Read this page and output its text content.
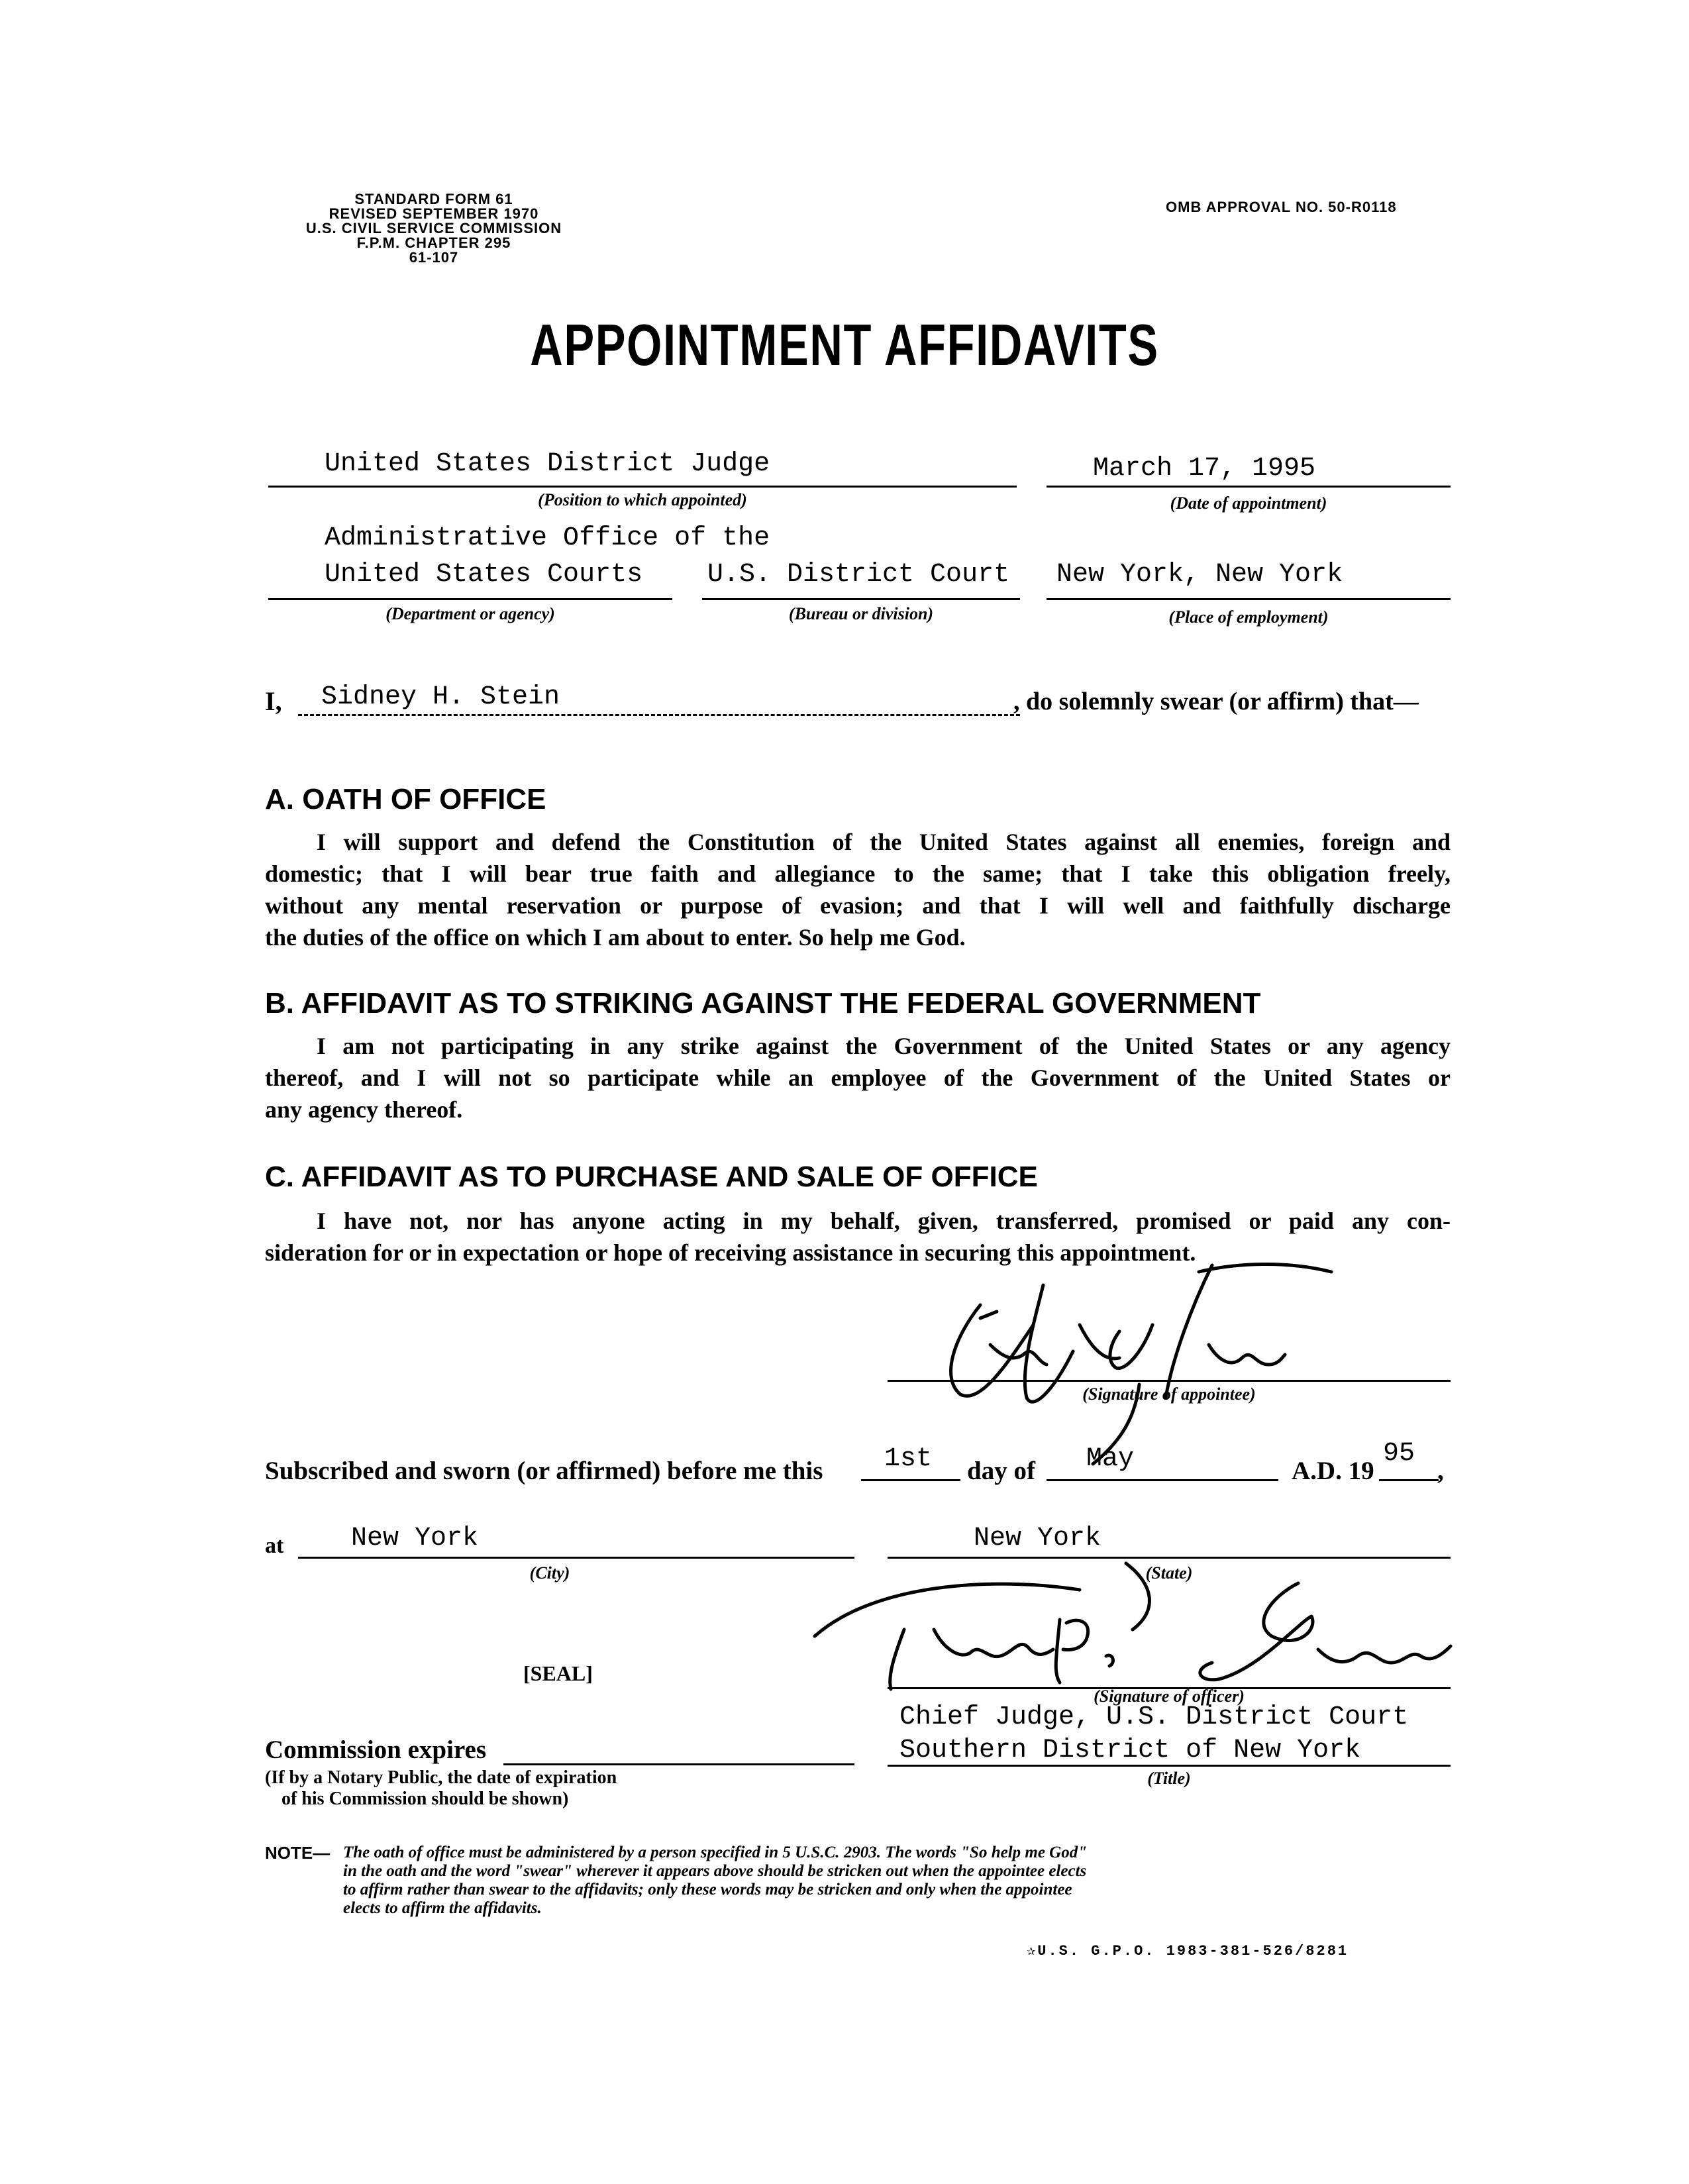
STANDARD FORM 61
REVISED SEPTEMBER 1970
U.S. CIVIL SERVICE COMMISSION
F.P.M. CHAPTER 295
61-107
OMB APPROVAL NO. 50-R0118
APPOINTMENT AFFIDAVITS
United States District Judge
(Position to which appointed)
March 17, 1995
(Date of appointment)
Administrative Office of the
United States Courts
(Department or agency)
U.S. District Court
(Bureau or division)
New York, New York
(Place of employment)
I, Sidney H. Stein	, do solemnly swear (or affirm) that—
A. OATH OF OFFICE
I will support and defend the Constitution of the United States against all enemies, foreign and
domestic; that I will bear true faith and allegiance to the same; that I take this obligation freely,
without any mental reservation or purpose of evasion; and that I will well and faithfully discharge
the duties of the office on which I am about to enter. So help me God.
B. AFFIDAVIT AS TO STRIKING AGAINST THE FEDERAL GOVERNMENT
I am not participating in any strike against the Government of the United States or any agency
thereof, and I will not so participate while an employee of the Government of the United States or
any agency thereof.
C. AFFIDAVIT AS TO PURCHASE AND SALE OF OFFICE
I have not, nor has anyone acting in my behalf, given, transferred, promised or paid any con-
sideration for or in expectation or hope of receiving assistance in securing this appointment.
(Signature of appointee)
Subscribed and sworn (or affirmed) before me this 1st day of May	A.D. 19
95
,
at	New York
(City)
New York
(State)
(Signature of officer)
[SEAL]
Chief Judge, U.S. District Court
Southern District of New York
(Title)
Commission expires
(If by a Notary Public, the date of expiration
of his Commission should be shown)
NOTE— The oath of office must be administered by a person specified in 5 U.S.C. 2903. The words "So help me God"
in the oath and the word "swear" wherever it appears above should be stricken out when the appointee elects
to affirm rather than swear to the affidavits; only these words may be stricken and only when the appointee
elects to affirm the affidavits.
✰U.S. G.P.O. 1983-381-526/8281
